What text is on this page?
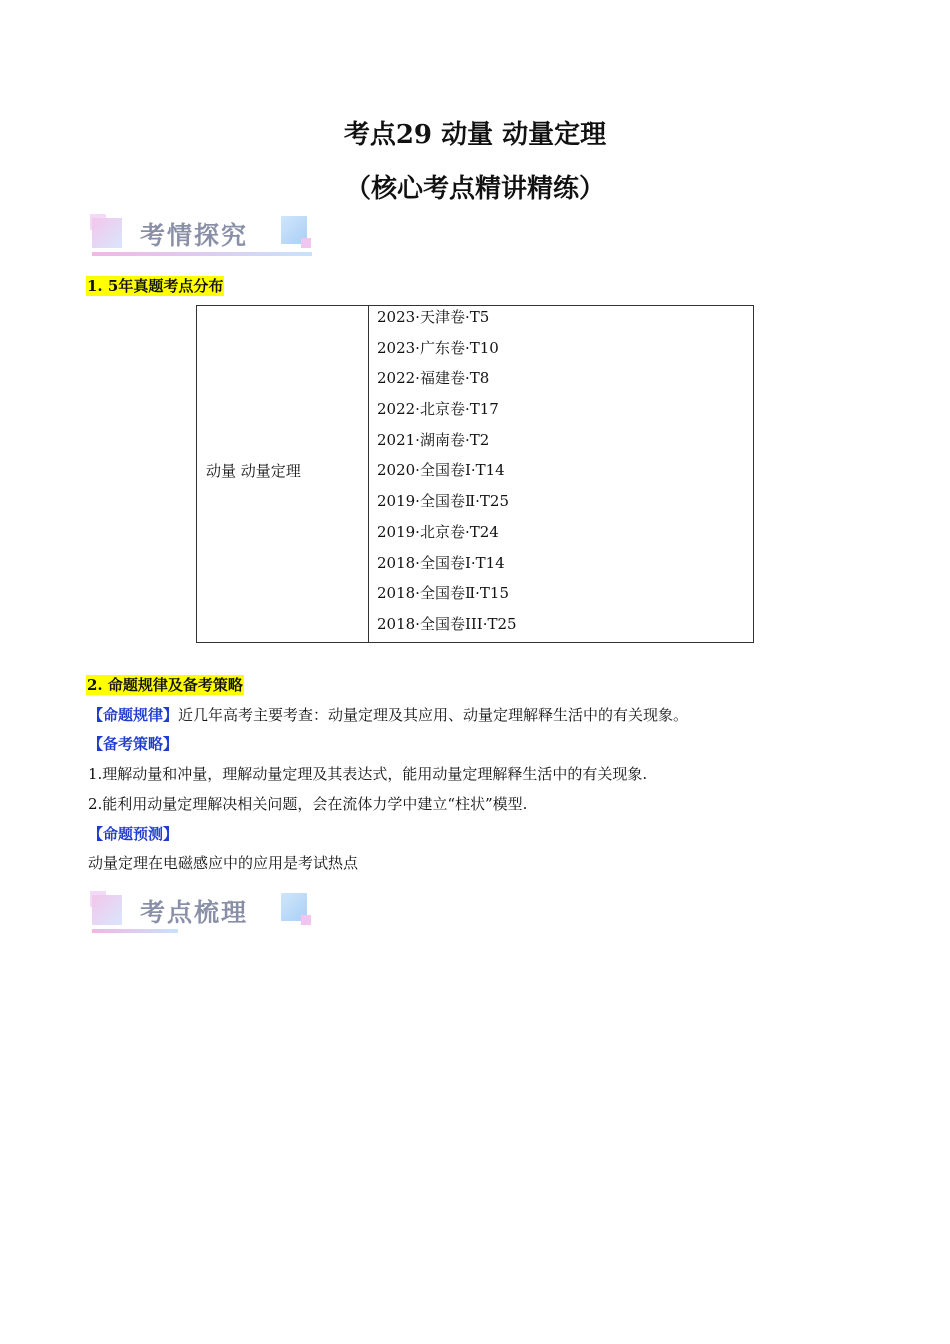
考点29 动量 动量定理
（核心考点精讲精练）
考情探究
1. 5年真题考点分布
动量 动量定理
2023·天津卷·T5
2023·广东卷·T10
2022·福建卷·T8
2022·北京卷·T17
2021·湖南卷·T2
2020·全国卷Ⅰ·T14
2019·全国卷Ⅱ·T25
2019·北京卷·T24
2018·全国卷Ⅰ·T14
2018·全国卷Ⅱ·T15
2018·全国卷III·T25
2. 命题规律及备考策略
【命题规律】近几年高考主要考查：动量定理及其应用、动量定理解释生活中的有关现象。
【备考策略】
1.理解动量和冲量，理解动量定理及其表达式，能用动量定理解释生活中的有关现象.
2.能利用动量定理解决相关问题，会在流体力学中建立“柱状”模型.
【命题预测】
动量定理在电磁感应中的应用是考试热点
考点梳理
